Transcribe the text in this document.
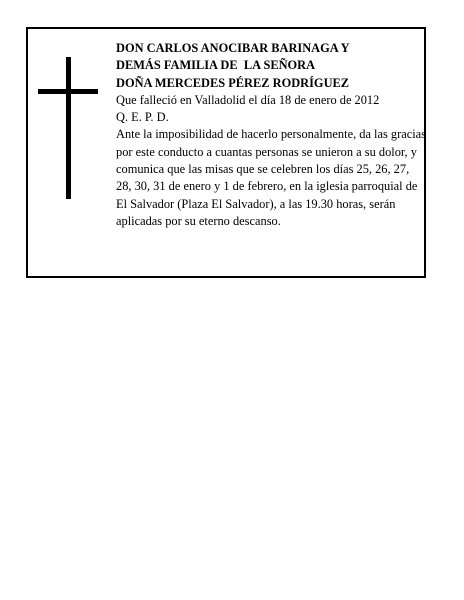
DON CARLOS ANOCIBAR BARINAGA Y
DEMÁS FAMILIA DE  LA SEÑORA
DOÑA MERCEDES PÉREZ RODRÍGUEZ
Que falleció en Valladolid el día 18 de enero de 2012
Q. E. P. D.

Ante la imposibilidad de hacerlo personalmente, da las gracias por este conducto a cuantas personas se unieron a su dolor, y comunica que las misas que se celebren los días 25, 26, 27, 28, 30, 31 de enero y 1 de febrero, en la iglesia parroquial de El Salvador (Plaza El Salvador), a las 19.30 horas, serán aplicadas por su eterno descanso.
